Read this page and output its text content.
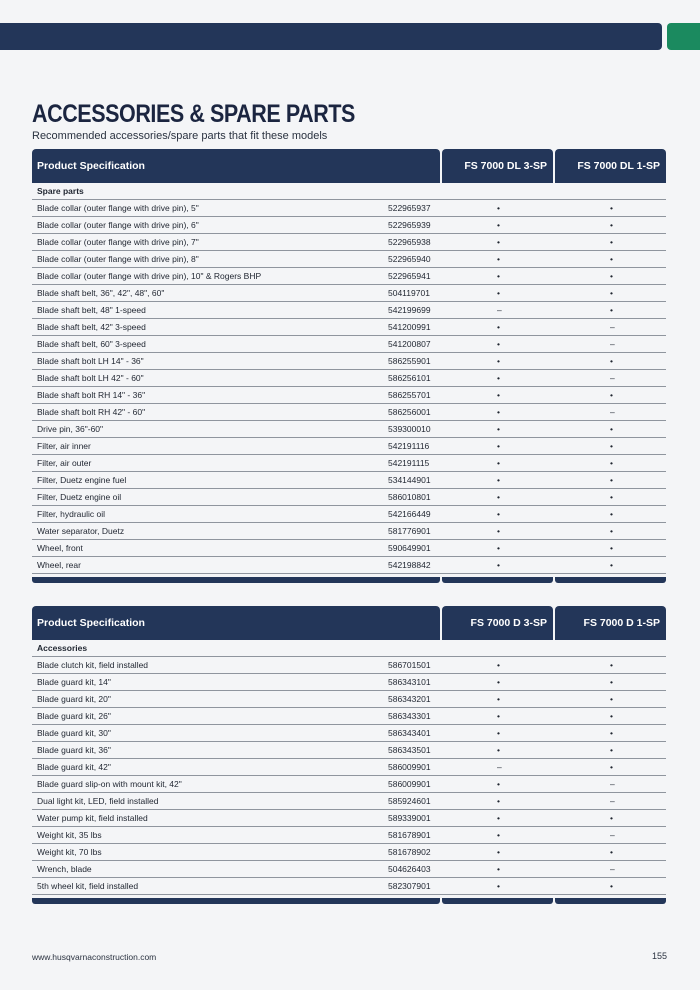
ACCESSORIES & SPARE PARTS

Recommended accessories/spare parts that fit these models

Product Specification	FS 7000 DL 3-SP	FS 7000 DL 1-SP
Spare parts
Blade collar (outer flange with drive pin), 5"	522965937	•	•
Blade collar (outer flange with drive pin), 6"	522965939	•	•
Blade collar (outer flange with drive pin), 7"	522965938	•	•
Blade collar (outer flange with drive pin), 8"	522965940	•	•
Blade collar (outer flange with drive pin), 10" & Rogers BHP	522965941	•	•
Blade shaft belt, 36", 42", 48", 60"	504119701	•	•
Blade shaft belt, 48" 1-speed	542199699	–	•
Blade shaft belt, 42" 3-speed	541200991	•	–
Blade shaft belt, 60" 3-speed	541200807	•	–
Blade shaft bolt LH 14" - 36"	586255901	•	•
Blade shaft bolt LH 42" - 60"	586256101	•	–
Blade shaft bolt RH 14" - 36"	586255701	•	•
Blade shaft bolt RH 42" - 60"	586256001	•	–
Drive pin, 36"-60"	539300010	•	•
Filter, air inner	542191116	•	•
Filter, air outer	542191115	•	•
Filter, Duetz engine fuel	534144901	•	•
Filter, Duetz engine oil	586010801	•	•
Filter, hydraulic oil	542166449	•	•
Water separator, Duetz	581776901	•	•
Wheel, front	590649901	•	•
Wheel, rear	542198842	•	•
Product Specification	FS 7000 D 3-SP	FS 7000 D 1-SP
Accessories
Blade clutch kit, field installed	586701501	•	•
Blade guard kit, 14"	586343101	•	•
Blade guard kit, 20"	586343201	•	•
Blade guard kit, 26"	586343301	•	•
Blade guard kit, 30"	586343401	•	•
Blade guard kit, 36"	586343501	•	•
Blade guard kit, 42"	586009901	–	•
Blade guard slip-on with mount kit, 42"	586009901	•	–
Dual light kit, LED, field installed	585924601	•	–
Water pump kit, field installed	589339001	•	•
Weight kit, 35 lbs	581678901	•	–
Weight kit, 70 lbs	581678902	•	•
Wrench, blade	504626403	•	–
5th wheel kit, field installed	582307901	•	•
www.husqvarnaconstruction.com	155
